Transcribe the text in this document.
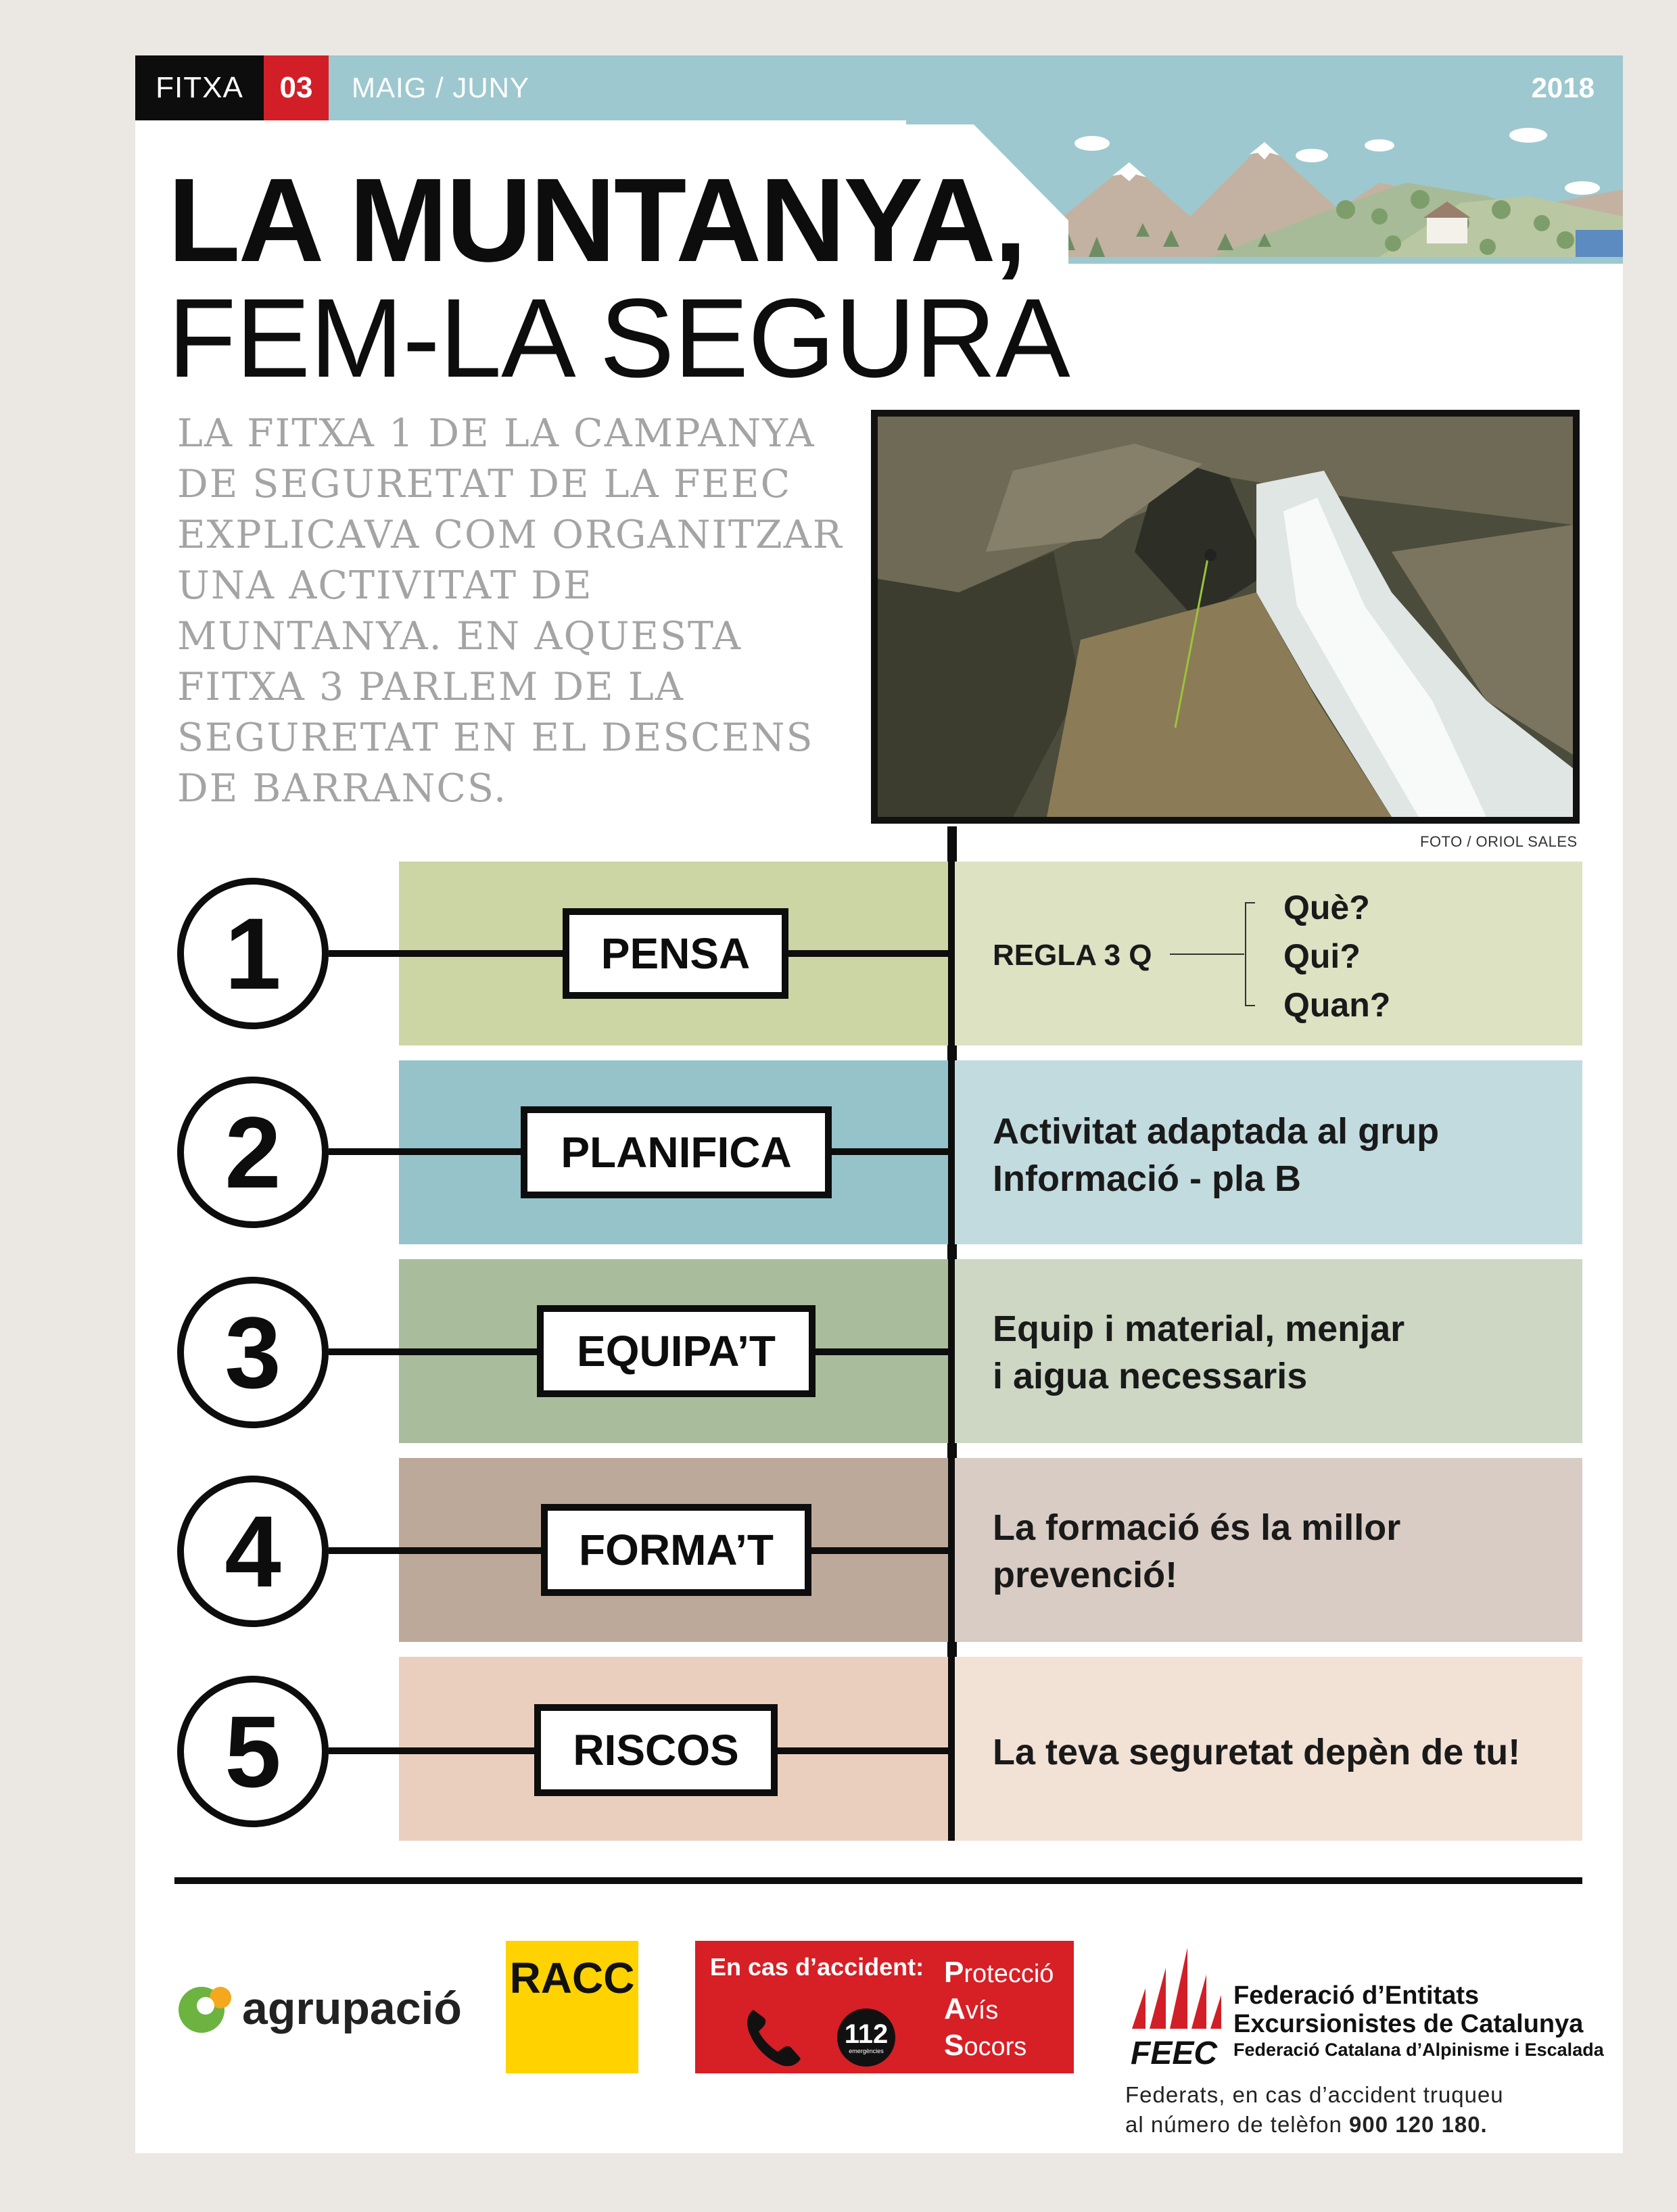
FITXA	03	MAIG / JUNY	2018
LA MUNTANYA,
FEM-LA SEGURA
LA FITXA 1 DE LA CAMPANYA DE SEGURETAT DE LA FEEC EXPLICAVA COM ORGANITZAR UNA ACTIVITAT DE MUNTANYA. EN AQUESTA FITXA 3 PARLEM DE LA SEGURETAT EN EL DESCENS DE BARRANCS.
FOTO / ORIOL SALES
1	PENSA	REGLA 3 Q
Què?
Qui?
Quan?
2	PLANIFICA	Activitat adaptada al grup
Informació - pla B
3	EQUIPA’T	Equip i material, menjar
i aigua necessaris
4	FORMA’T	La formació és la millor
prevenció!
5	RISCOS	La teva seguretat depèn de tu!
agrupació
RACC	En cas d’accident:
112
emergències
Protecció
Avís
Socors	FEEC
Federació d’Entitats
Excursionistes de Catalunya
Federació Catalana d’Alpinisme i Escalada
Federats, en cas d’accident truqueu
al número de telèfon 900 120 180.
